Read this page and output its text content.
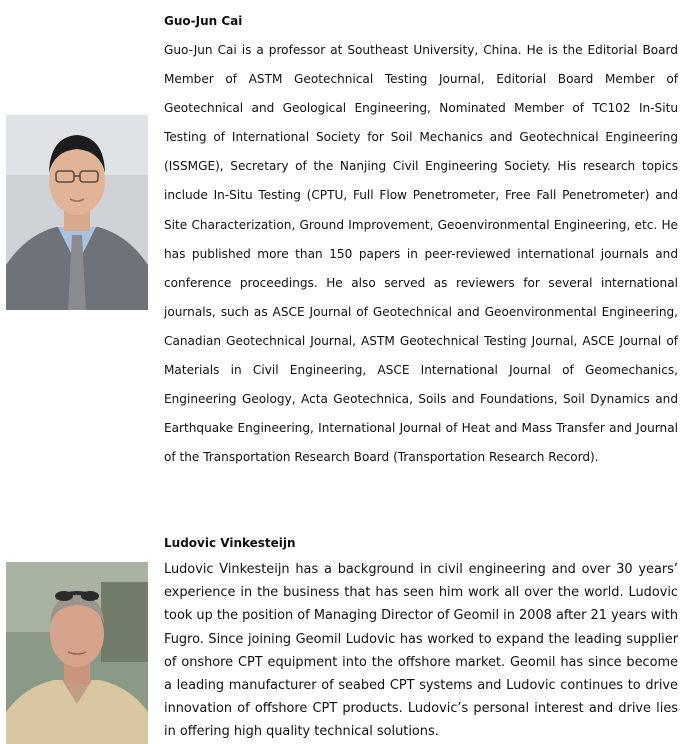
Guo-Jun Cai

Guo-Jun Cai is a professor at Southeast University, China. He is the Editorial Board Member of ASTM Geotechnical Testing Journal, Editorial Board Member of Geotechnical and Geological Engineering, Nominated Member of TC102 In-Situ Testing of International Society for Soil Mechanics and Geotechnical Engineering (ISSMGE), Secretary of the Nanjing Civil Engineering Society. His research topics include In-Situ Testing (CPTU, Full Flow Penetrometer, Free Fall Penetrometer) and Site Characterization, Ground Improvement, Geoenvironmental Engineering, etc. He has published more than 150 papers in peer-reviewed international journals and conference proceedings. He also served as reviewers for several international journals, such as ASCE Journal of Geotechnical and Geoenvironmental Engineering, Canadian Geotechnical Journal, ASTM Geotechnical Testing Journal, ASCE Journal of Materials in Civil Engineering, ASCE International Journal of Geomechanics, Engineering Geology, Acta Geotechnica, Soils and Foundations, Soil Dynamics and Earthquake Engineering, International Journal of Heat and Mass Transfer and Journal of the Transportation Research Board (Transportation Research Record).

Ludovic Vinkesteijn

Ludovic Vinkesteijn has a background in civil engineering and over 30 years’ experience in the business that has seen him work all over the world. Ludovic took up the position of Managing Director of Geomil in 2008 after 21 years with Fugro. Since joining Geomil Ludovic has worked to expand the leading supplier of onshore CPT equipment into the offshore market. Geomil has since become a leading manufacturer of seabed CPT systems and Ludovic continues to drive innovation of offshore CPT products. Ludovic’s personal interest and drive lies in offering high quality technical solutions.
